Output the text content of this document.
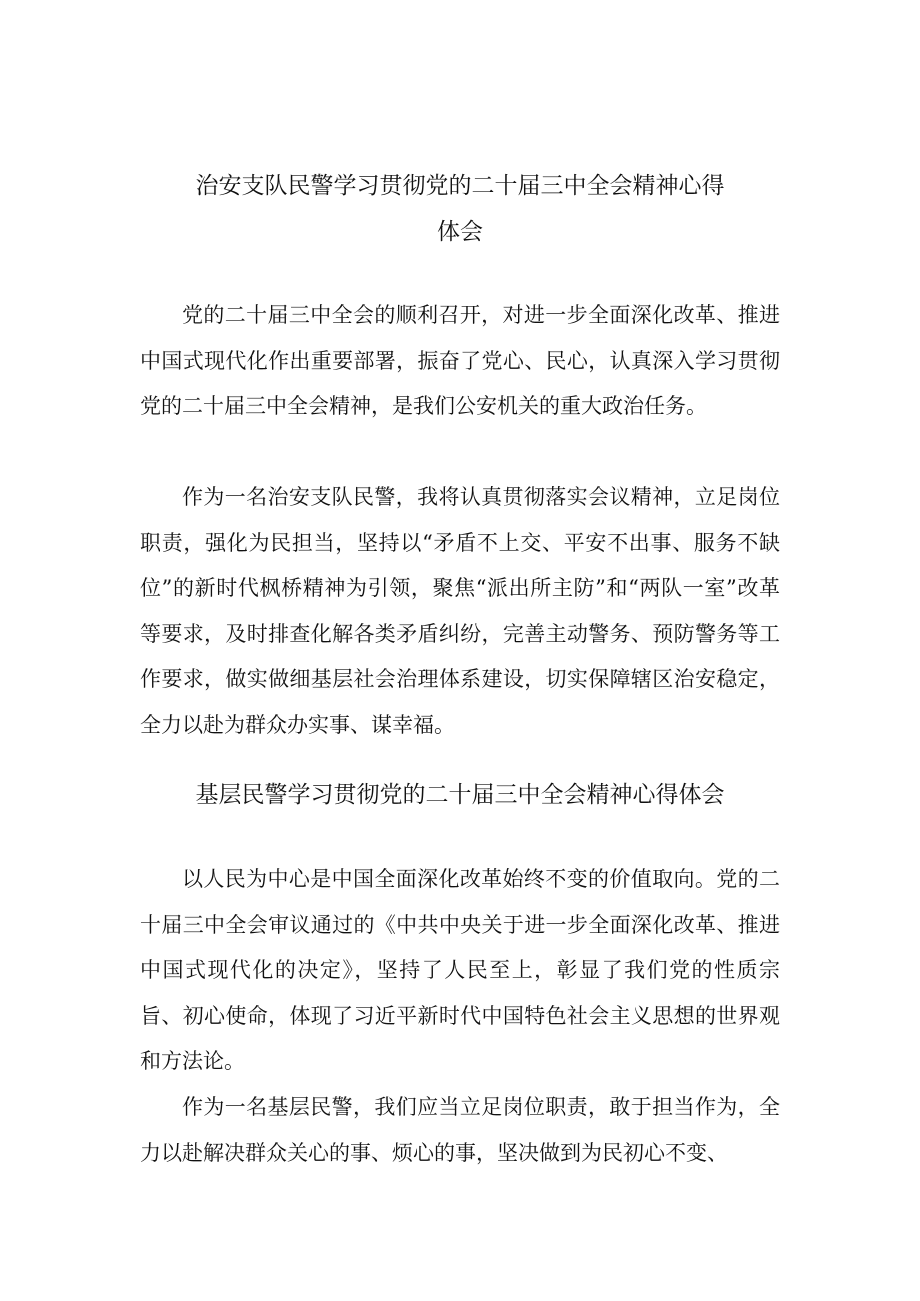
治安支队民警学习贯彻党的二十届三中全会精神心得
体会

党的二十届三中全会的顺利召开，对进一步全面深化改革、推进中国式现代化作出重要部署，振奋了党心、民心，认真深入学习贯彻党的二十届三中全会精神，是我们公安机关的重大政治任务。

作为一名治安支队民警，我将认真贯彻落实会议精神，立足岗位职责，强化为民担当，坚持以“矛盾不上交、平安不出事、服务不缺位”的新时代枫桥精神为引领，聚焦“派出所主防”和“两队一室”改革等要求，及时排查化解各类矛盾纠纷，完善主动警务、预防警务等工作要求，做实做细基层社会治理体系建设，切实保障辖区治安稳定，全力以赴为群众办实事、谋幸福。

基层民警学习贯彻党的二十届三中全会精神心得体会

以人民为中心是中国全面深化改革始终不变的价值取向。党的二十届三中全会审议通过的《中共中央关于进一步全面深化改革、推进中国式现代化的决定》，坚持了人民至上，彰显了我们党的性质宗旨、初心使命，体现了习近平新时代中国特色社会主义思想的世界观和方法论。

作为一名基层民警，我们应当立足岗位职责，敢于担当作为，全力以赴解决群众关心的事、烦心的事，坚决做到为民初心不变、
